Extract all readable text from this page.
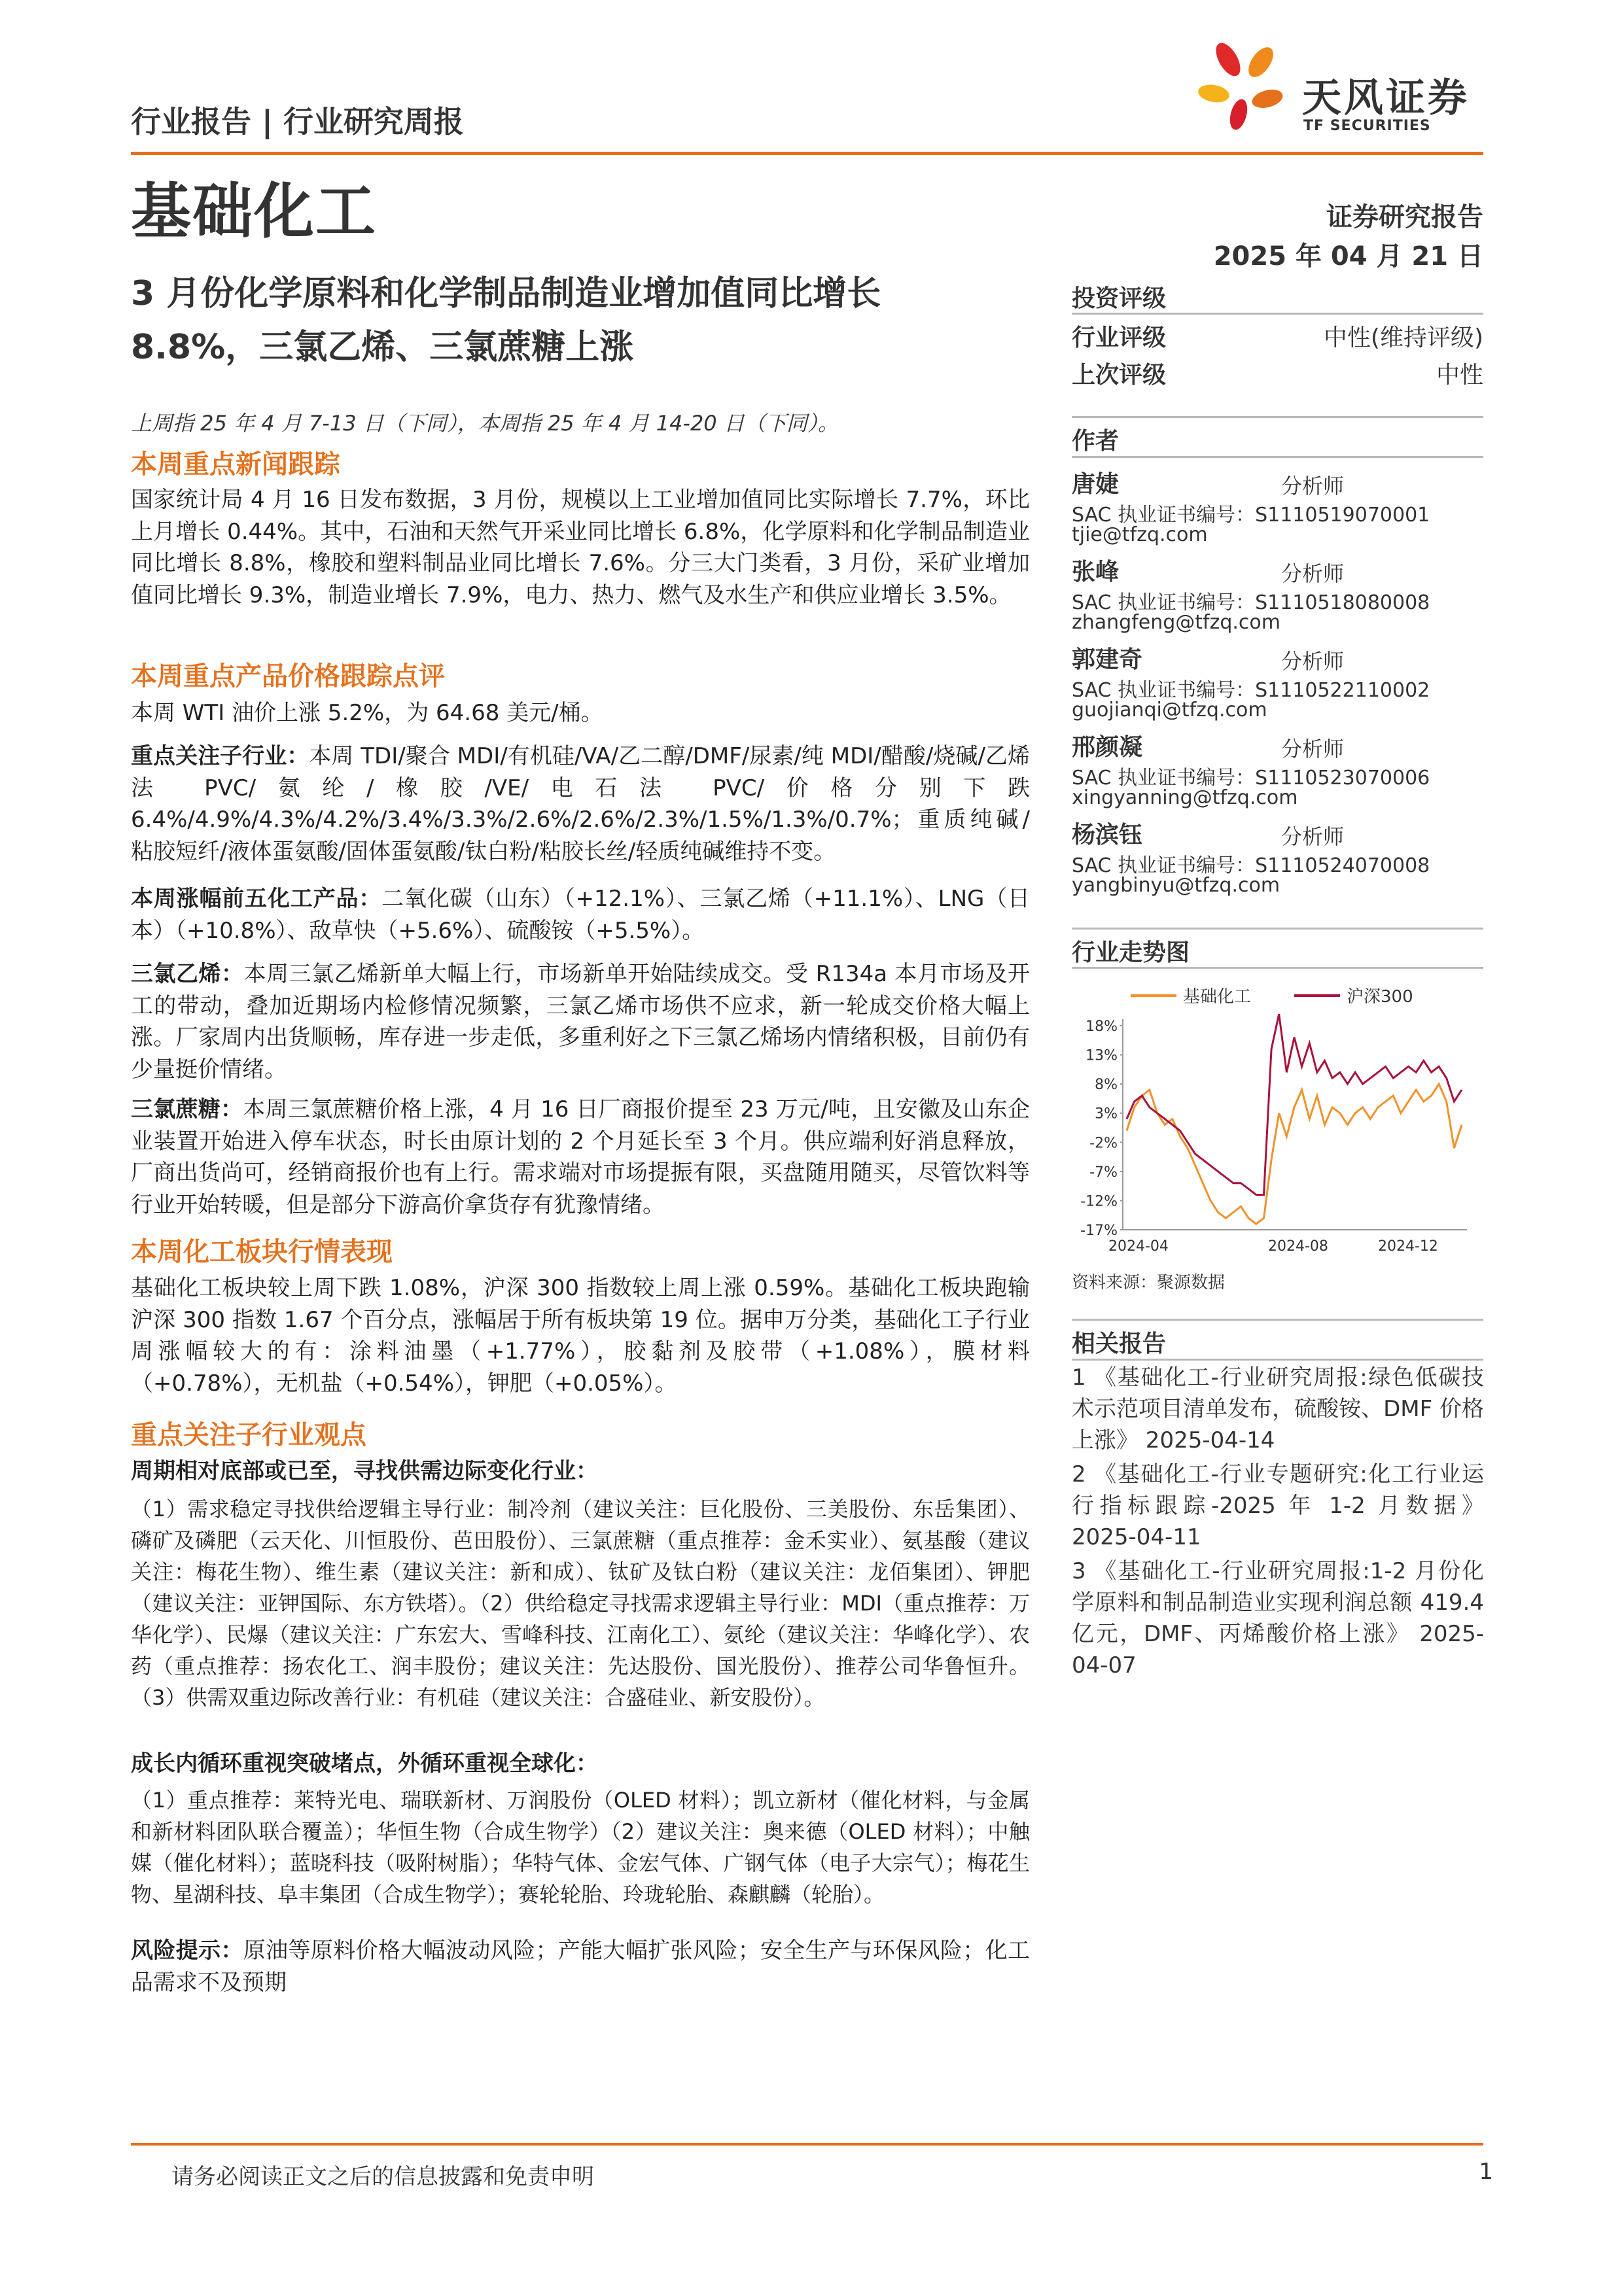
天风证券
TF SECURITIES
行业报告 | 行业研究周报
基础化工	证券研究报告
2025 年 04 月 21 日
3 月份化学原料和化学制品制造业增加值同比增长
8.8%，三氯乙烯、三氯蔗糖上涨
上周指 25 年 4 月 7-13 日（下同），本周指 25 年 4 月 14-20 日（下同）。
本周重点新闻跟踪
国家统计局 4 月 16 日发布数据，3 月份，规模以上工业增加值同比实际增长 7.7%，环比上月增长 0.44%。其中，石油和天然气开采业同比增长 6.8%，化学原料和化学制品制造业同比增长 8.8%，橡胶和塑料制品业同比增长 7.6%。分三大门类看，3 月份，采矿业增加值同比增长 9.3%，制造业增长 7.9%，电力、热力、燃气及水生产和供应业增长 3.5%。
本周重点产品价格跟踪点评
本周 WTI 油价上涨 5.2%，为 64.68 美元/桶。
重点关注子行业：本周 TDI/聚合 MDI/有机硅/VA/乙二醇/DMF/尿素/纯 MDI/醋酸/烧碱/乙烯法 PVC/氨纶/橡胶/VE/电石法 PVC/价格分别下跌 6.4%/4.9%/4.3%/4.2%/3.4%/3.3%/2.6%/2.6%/2.3%/1.5%/1.3%/0.7%；重质纯碱/粘胶短纤/液体蛋氨酸/固体蛋氨酸/钛白粉/粘胶长丝/轻质纯碱维持不变。
本周涨幅前五化工产品：二氧化碳（山东）（+12.1%）、三氯乙烯（+11.1%）、LNG（日本）（+10.8%）、敌草快（+5.6%）、硫酸铵（+5.5%）。
三氯乙烯：本周三氯乙烯新单大幅上行，市场新单开始陆续成交。受 R134a 本月市场及开工的带动，叠加近期场内检修情况频繁，三氯乙烯市场供不应求，新一轮成交价格大幅上涨。厂家周内出货顺畅，库存进一步走低，多重利好之下三氯乙烯场内情绪积极，目前仍有少量挺价情绪。
三氯蔗糖：本周三氯蔗糖价格上涨，4 月 16 日厂商报价提至 23 万元/吨，且安徽及山东企业装置开始进入停车状态，时长由原计划的 2 个月延长至 3 个月。供应端利好消息释放，厂商出货尚可，经销商报价也有上行。需求端对市场提振有限，买盘随用随买，尽管饮料等行业开始转暖，但是部分下游高价拿货存有犹豫情绪。
本周化工板块行情表现
基础化工板块较上周下跌 1.08%，沪深 300 指数较上周上涨 0.59%。基础化工板块跑输沪深 300 指数 1.67 个百分点，涨幅居于所有板块第 19 位。据申万分类，基础化工子行业周涨幅较大的有：涂料油墨（+1.77%），胶黏剂及胶带（+1.08%），膜材料（+0.78%），无机盐（+0.54%），钾肥（+0.05%）。
重点关注子行业观点
周期相对底部或已至，寻找供需边际变化行业：
（1）需求稳定寻找供给逻辑主导行业：制冷剂（建议关注：巨化股份、三美股份、东岳集团）、磷矿及磷肥（云天化、川恒股份、芭田股份）、三氯蔗糖（重点推荐：金禾实业）、氨基酸（建议关注：梅花生物）、维生素（建议关注：新和成）、钛矿及钛白粉（建议关注：龙佰集团）、钾肥（建议关注：亚钾国际、东方铁塔）。（2）供给稳定寻找需求逻辑主导行业：MDI（重点推荐：万华化学）、民爆（建议关注：广东宏大、雪峰科技、江南化工）、氨纶（建议关注：华峰化学）、农药（重点推荐：扬农化工、润丰股份；建议关注：先达股份、国光股份）、推荐公司华鲁恒升。（3）供需双重边际改善行业：有机硅（建议关注：合盛硅业、新安股份）。
成长内循环重视突破堵点，外循环重视全球化：
（1）重点推荐：莱特光电、瑞联新材、万润股份（OLED 材料）；凯立新材（催化材料，与金属和新材料团队联合覆盖）；华恒生物（合成生物学）（2）建议关注：奥来德（OLED 材料）；中触媒（催化材料）；蓝晓科技（吸附树脂）；华特气体、金宏气体、广钢气体（电子大宗气）；梅花生物、星湖科技、阜丰集团（合成生物学）；赛轮轮胎、玲珑轮胎、森麒麟（轮胎）。
风险提示：原油等原料价格大幅波动风险；产能大幅扩张风险；安全生产与环保风险；化工品需求不及预期
投资评级
行业评级	中性(维持评级)
上次评级	中性
作者
唐婕	分析师
SAC 执业证书编号：S1110519070001
tjie@tfzq.com
张峰	分析师
SAC 执业证书编号：S1110518080008
zhangfeng@tfzq.com
郭建奇	分析师
SAC 执业证书编号：S1110522110002
guojianqi@tfzq.com
邢颜凝	分析师
SAC 执业证书编号：S1110523070006
xingyanning@tfzq.com
杨滨钰	分析师
SAC 执业证书编号：S1110524070008
yangbinyu@tfzq.com
行业走势图
基础化工	沪深300
18%
13%
8%
3%
-2%
-7%
-12%
-17%
2024-04	2024-08	2024-12
资料来源：聚源数据
相关报告
1 《基础化工-行业研究周报:绿色低碳技术示范项目清单发布，硫酸铵、DMF 价格上涨》 2025-04-14
2 《基础化工-行业专题研究:化工行业运行指标跟踪-2025 年 1-2 月数据》 2025-04-11
3 《基础化工-行业研究周报:1-2 月份化学原料和制品制造业实现利润总额 419.4 亿元，DMF、丙烯酸价格上涨》 2025-04-07
请务必阅读正文之后的信息披露和免责申明	1
